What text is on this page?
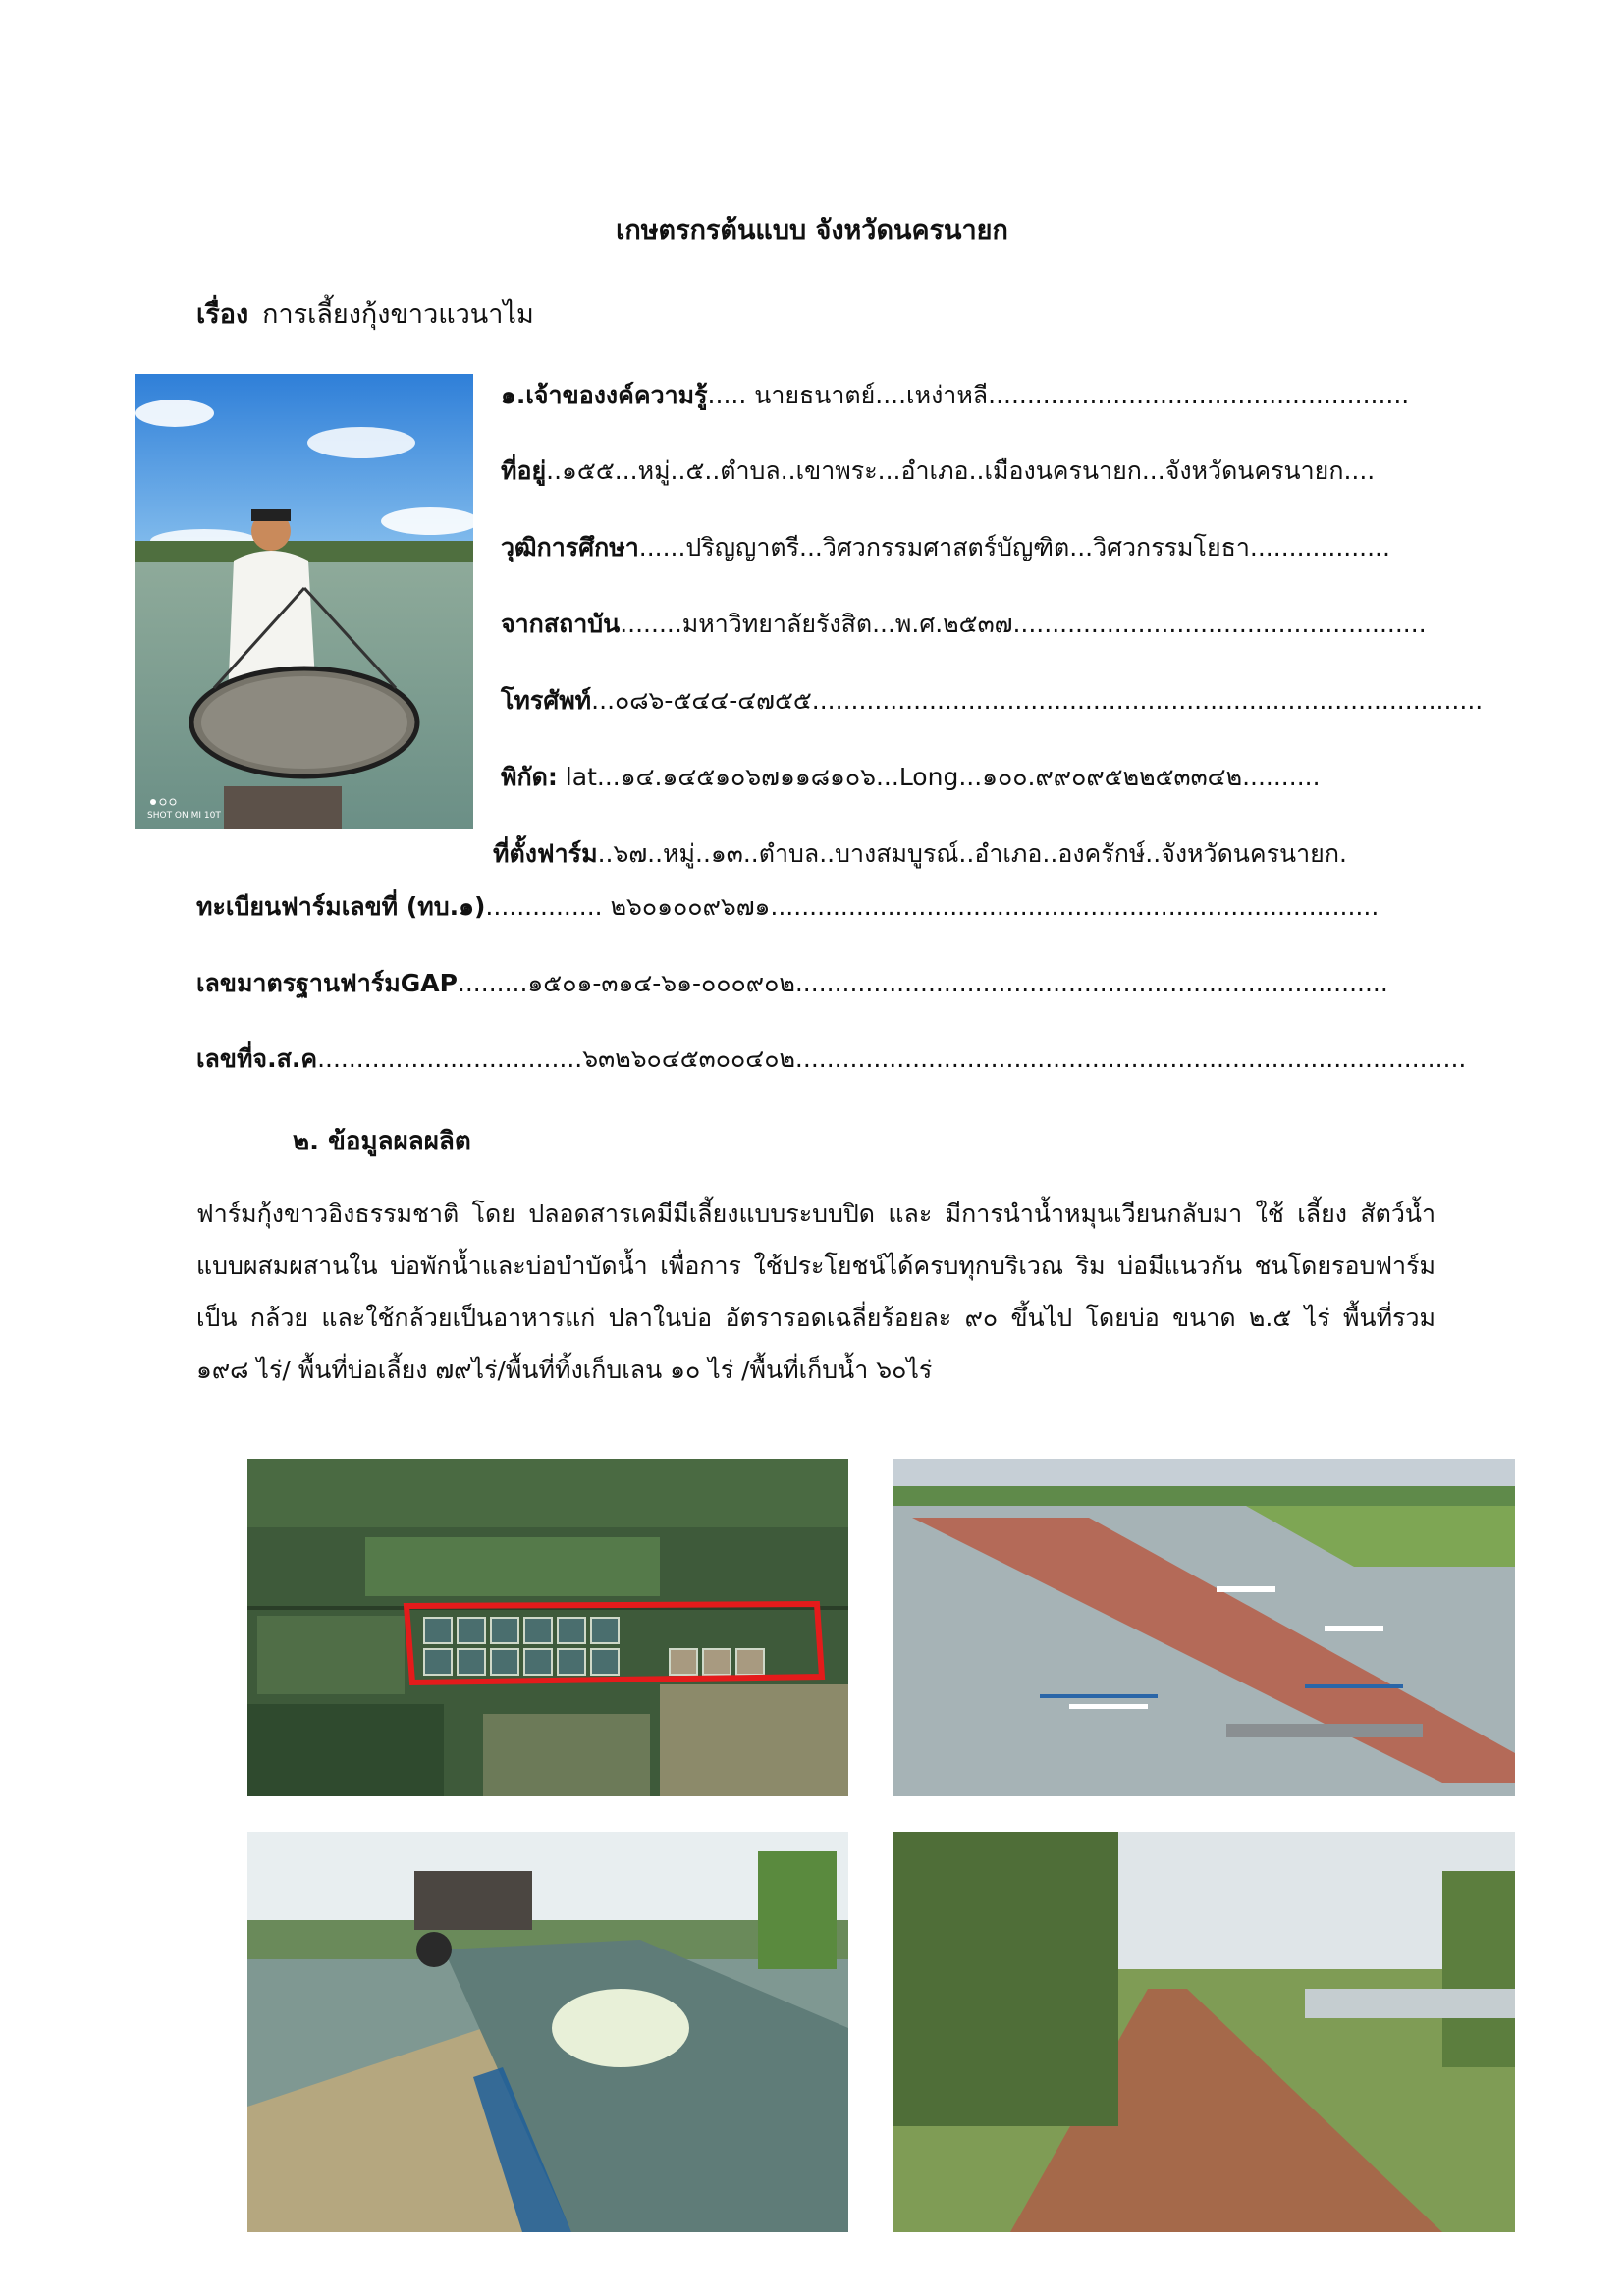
เกษตรกรต้นแบบ จังหวัดนครนายก
เรื่อง การเลี้ยงกุ้งขาวแวนาไม
SHOT ON MI 10T
๑.เจ้าของงค์ความรู้..... นายธนาตย์....เหง่าหลี......................................................
ที่อยู่..๑๕๕...หมู่..๕..ตำบล..เขาพระ...อำเภอ..เมืองนครนายก...จังหวัดนครนายก....
วุฒิการศึกษา......ปริญญาตรี...วิศวกรรมศาสตร์บัญฑิต...วิศวกรรมโยธา..................
จากสถาบัน........มหาวิทยาลัยรังสิต...พ.ศ.๒๕๓๗.....................................................
โทรศัพท์...๐๘๖-๕๔๔-๔๗๕๕......................................................................................
พิกัด: lat...๑๔.๑๔๕๑๐๖๗๑๑๘๑๐๖...Long...๑๐๐.๙๙๐๙๕๒๒๕๓๓๔๒..........
ที่ตั้งฟาร์ม..๖๗..หมู่..๑๓..ตำบล..บางสมบูรณ์..อำเภอ..องครักษ์..จังหวัดนครนายก.
ทะเบียนฟาร์มเลขที่ (ทบ.๑)............... ๒๖๐๑๐๐๙๖๗๑..............................................................................
เลขมาตรฐานฟาร์มGAP.........๑๕๐๑-๓๑๔-๖๑-๐๐๐๙๐๒............................................................................
เลขที่จ.ส.ค..................................๖๓๒๖๐๔๕๓๐๐๔๐๒......................................................................................
๒. ข้อมูลผลผลิต
ฟาร์มกุ้งขาวอิงธรรมชาติ โดย ปลอดสารเคมีมีเลี้ยงแบบระบบปิด และ มีการนำน้ำหมุนเวียนกลับมา ใช้ เลี้ยง สัตว์น้ำแบบผสมผสานใน บ่อพักน้ำและบ่อบำบัดน้ำ เพื่อการ ใช้ประโยชน์ได้ครบทุกบริเวณ ริม บ่อมีแนวกัน ชนโดยรอบฟาร์มเป็น กล้วย และใช้กล้วยเป็นอาหารแก่ ปลาในบ่อ อัตรารอดเฉลี่ยร้อยละ ๙๐ ขึ้นไป โดยบ่อ ขนาด ๒.๕ ไร่ พื้นที่รวม ๑๙๘ ไร่/ พื้นที่บ่อเลี้ยง ๗๙ไร่/พื้นที่ทิ้งเก็บเลน ๑๐ ไร่ /พื้นที่เก็บน้ำ ๖๐ไร่
